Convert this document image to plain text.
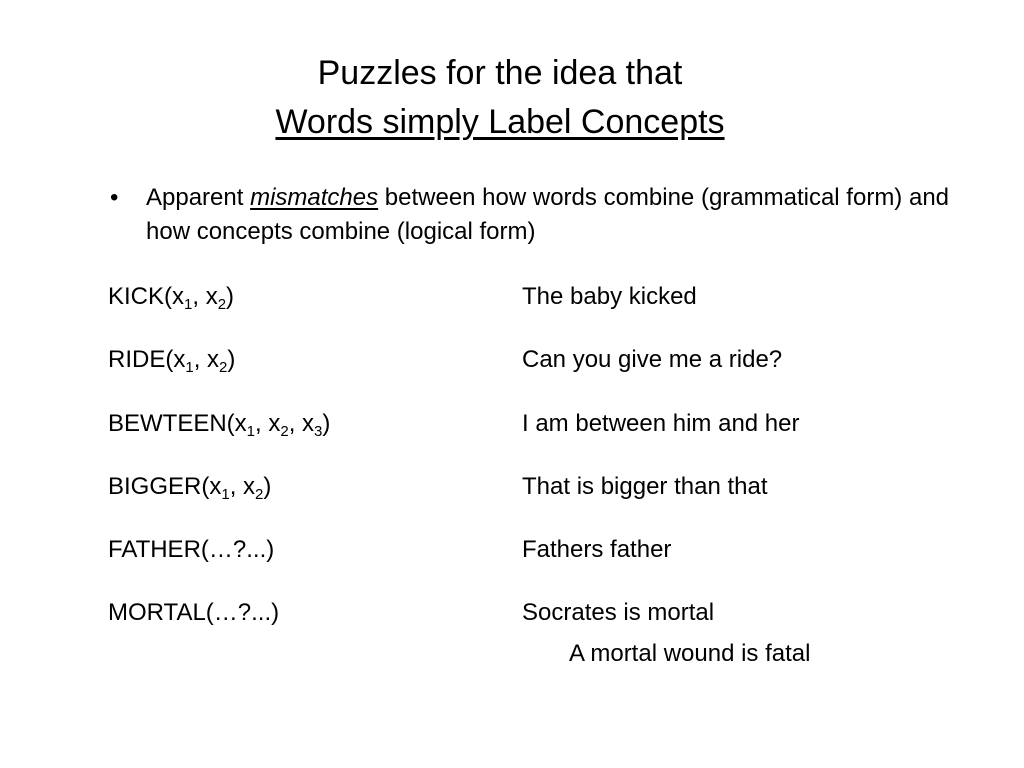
Puzzles for the idea that
Words simply Label Concepts
• Apparent mismatches between how words combine (grammatical form) and how concepts combine (logical form)
$KICK(x_1$, $x_2$)	The baby kicked
$RIDE(x_1$, $x_2$)	Can you give me a ride?
$BEWTEEN(x_1$, $x_2$, $x_3$)	I am between him and her
$BIGGER(x_1$, $x_2$)	That is bigger than that
FATHER(…?...)	Fathers father
MORTAL(…?...)	Socrates is mortal
A mortal wound is fatal
